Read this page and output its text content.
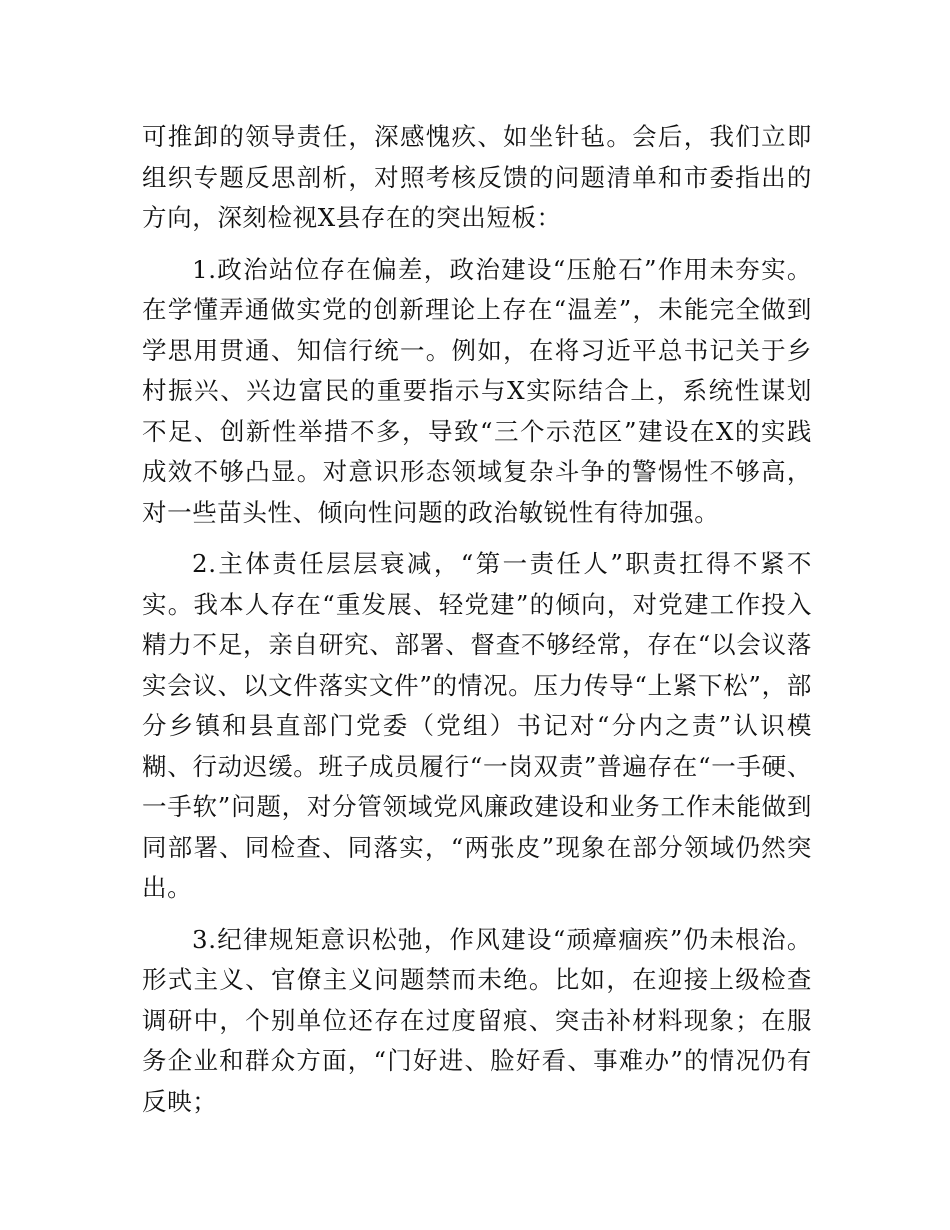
可推卸的领导责任，深感愧疚、如坐针毡。会后，我们立即组织专题反思剖析，对照考核反馈的问题清单和市委指出的方向，深刻检视X县存在的突出短板：

1.政治站位存在偏差，政治建设“压舱石”作用未夯实。在学懂弄通做实党的创新理论上存在“温差”，未能完全做到学思用贯通、知信行统一。例如，在将习近平总书记关于乡村振兴、兴边富民的重要指示与X实际结合上，系统性谋划不足、创新性举措不多，导致“三个示范区”建设在X的实践成效不够凸显。对意识形态领域复杂斗争的警惕性不够高，对一些苗头性、倾向性问题的政治敏锐性有待加强。

2.主体责任层层衰减，“第一责任人”职责扛得不紧不实。我本人存在“重发展、轻党建”的倾向，对党建工作投入精力不足，亲自研究、部署、督查不够经常，存在“以会议落实会议、以文件落实文件”的情况。压力传导“上紧下松”，部分乡镇和县直部门党委（党组）书记对“分内之责”认识模糊、行动迟缓。班子成员履行“一岗双责”普遍存在“一手硬、一手软”问题，对分管领域党风廉政建设和业务工作未能做到同部署、同检查、同落实，“两张皮”现象在部分领域仍然突出。

3.纪律规矩意识松弛，作风建设“顽瘴痼疾”仍未根治。形式主义、官僚主义问题禁而未绝。比如，在迎接上级检查调研中，个别单位还存在过度留痕、突击补材料现象；在服务企业和群众方面，“门好进、脸好看、事难办”的情况仍有反映；
